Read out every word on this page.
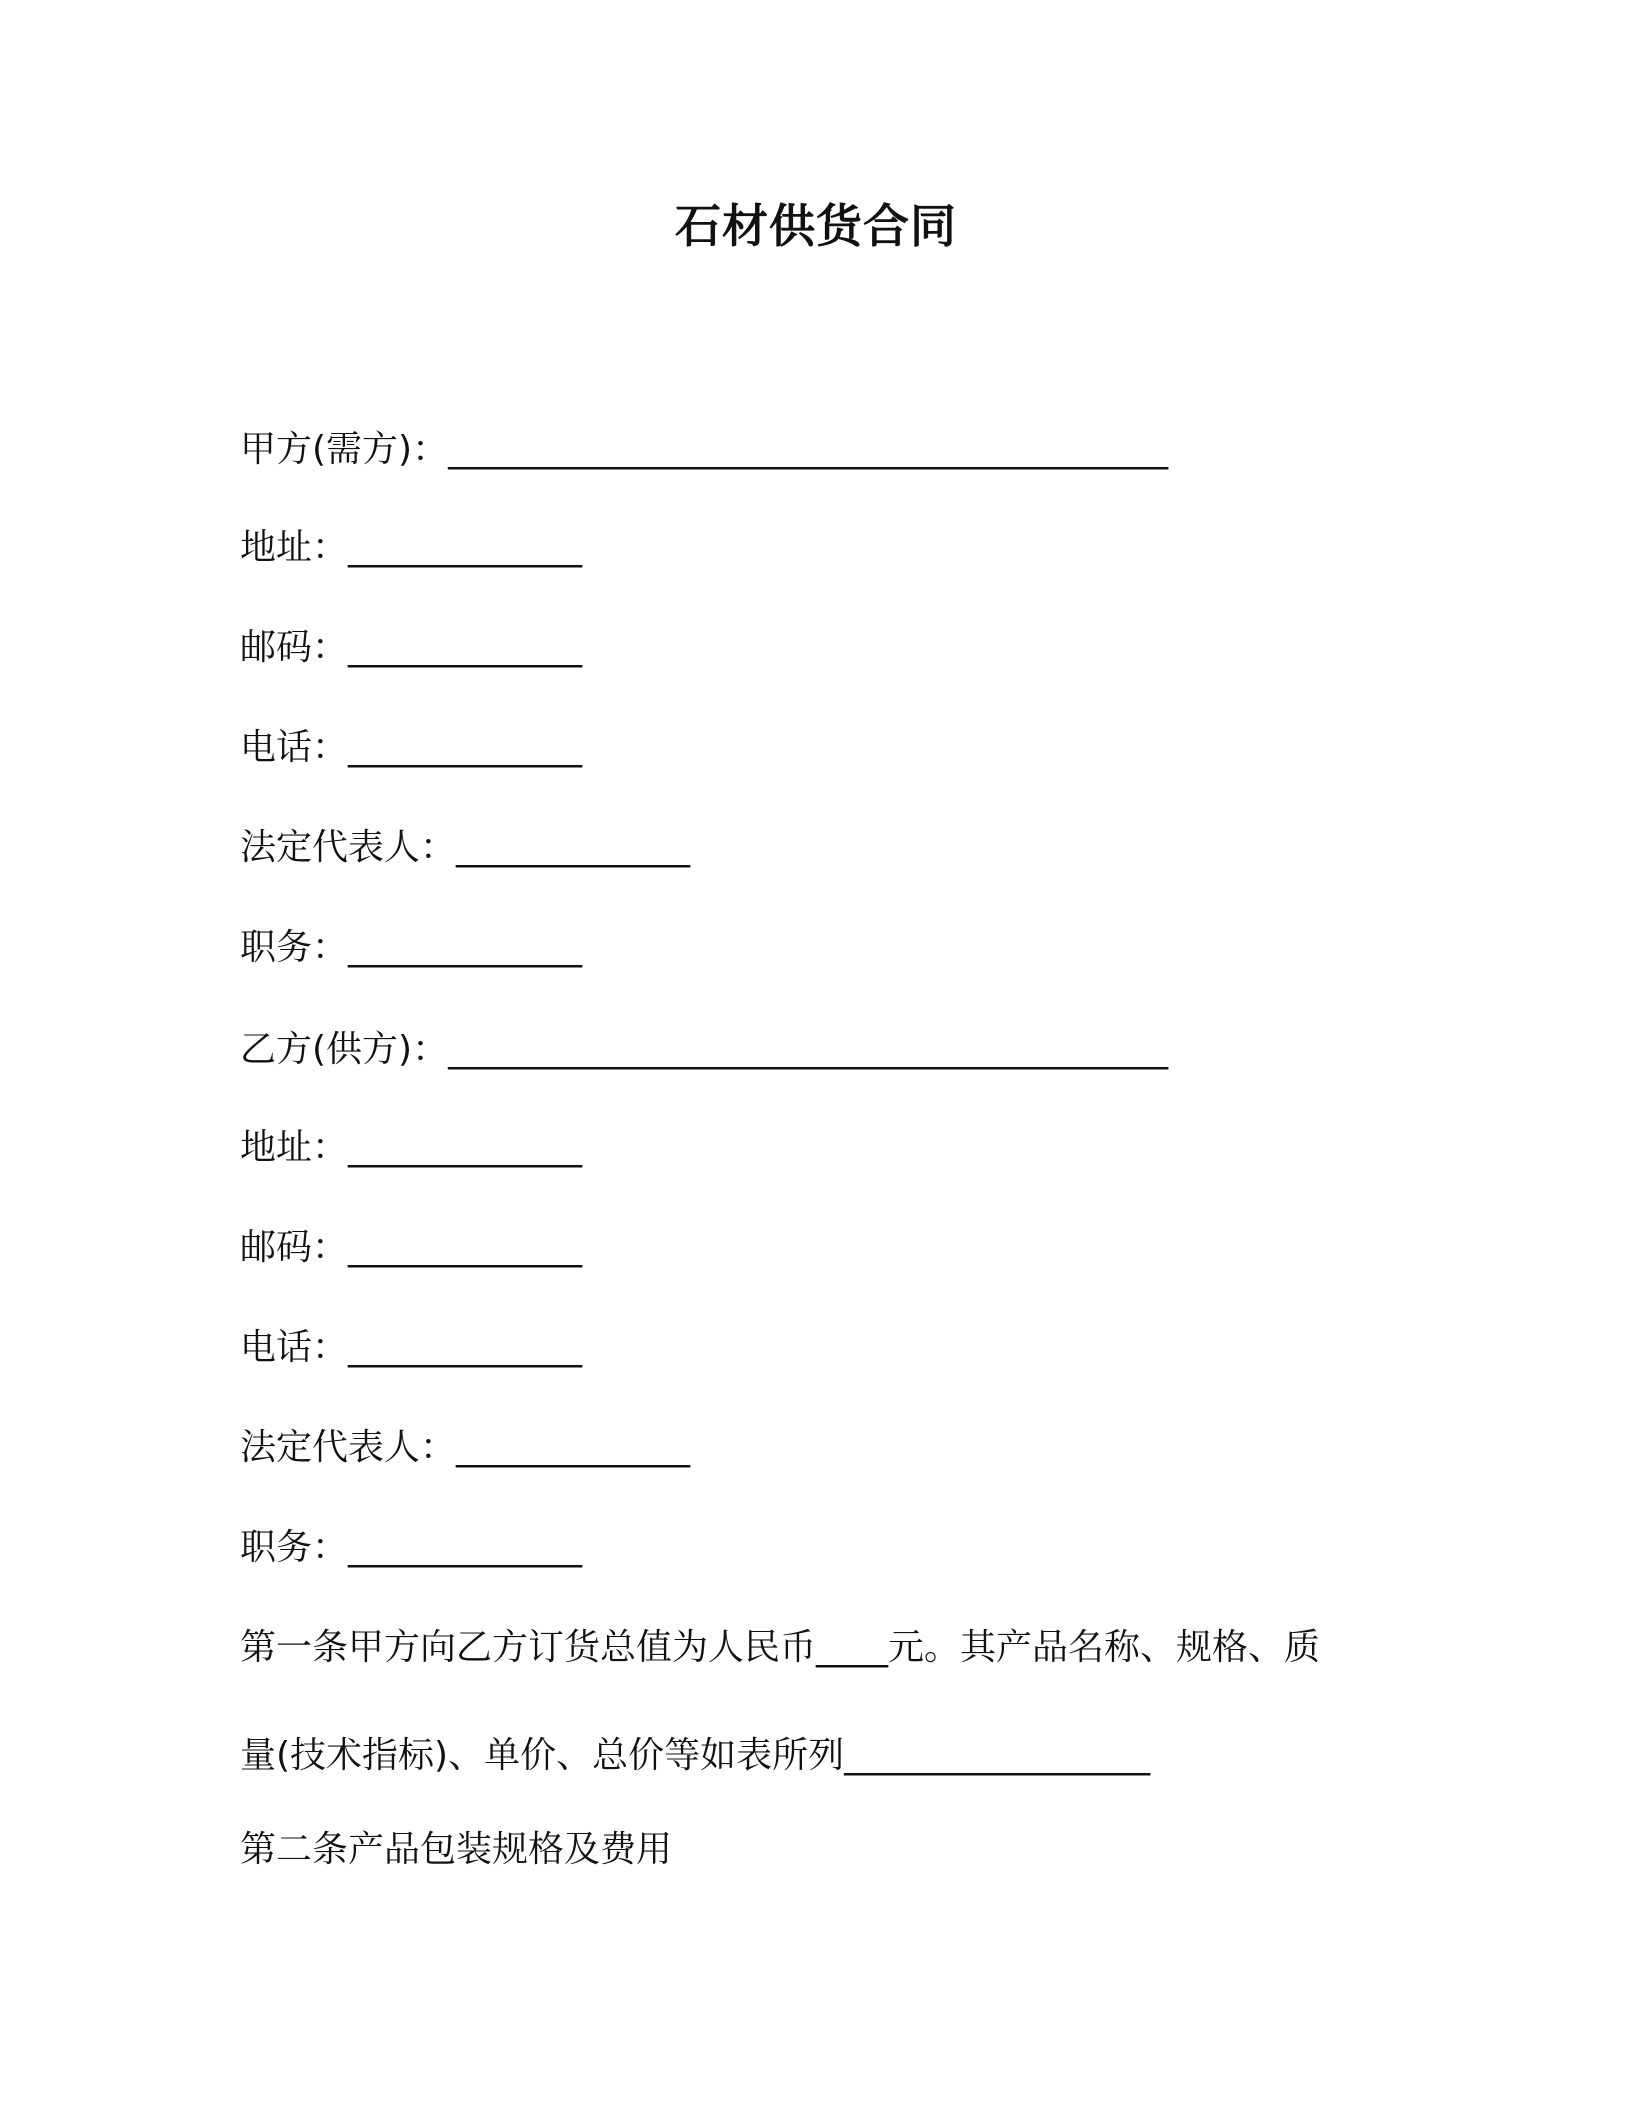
石材供货合同

甲方(需方)：________________________________________

地址：_____________

邮码：_____________

电话：_____________

法定代表人：_____________

职务：_____________

乙方(供方)：________________________________________

地址：_____________

邮码：_____________

电话：_____________

法定代表人：_____________

职务：_____________

第一条甲方向乙方订货总值为人民币____元。其产品名称、规格、质

量(技术指标)、单价、总价等如表所列_________________

第二条产品包装规格及费用
